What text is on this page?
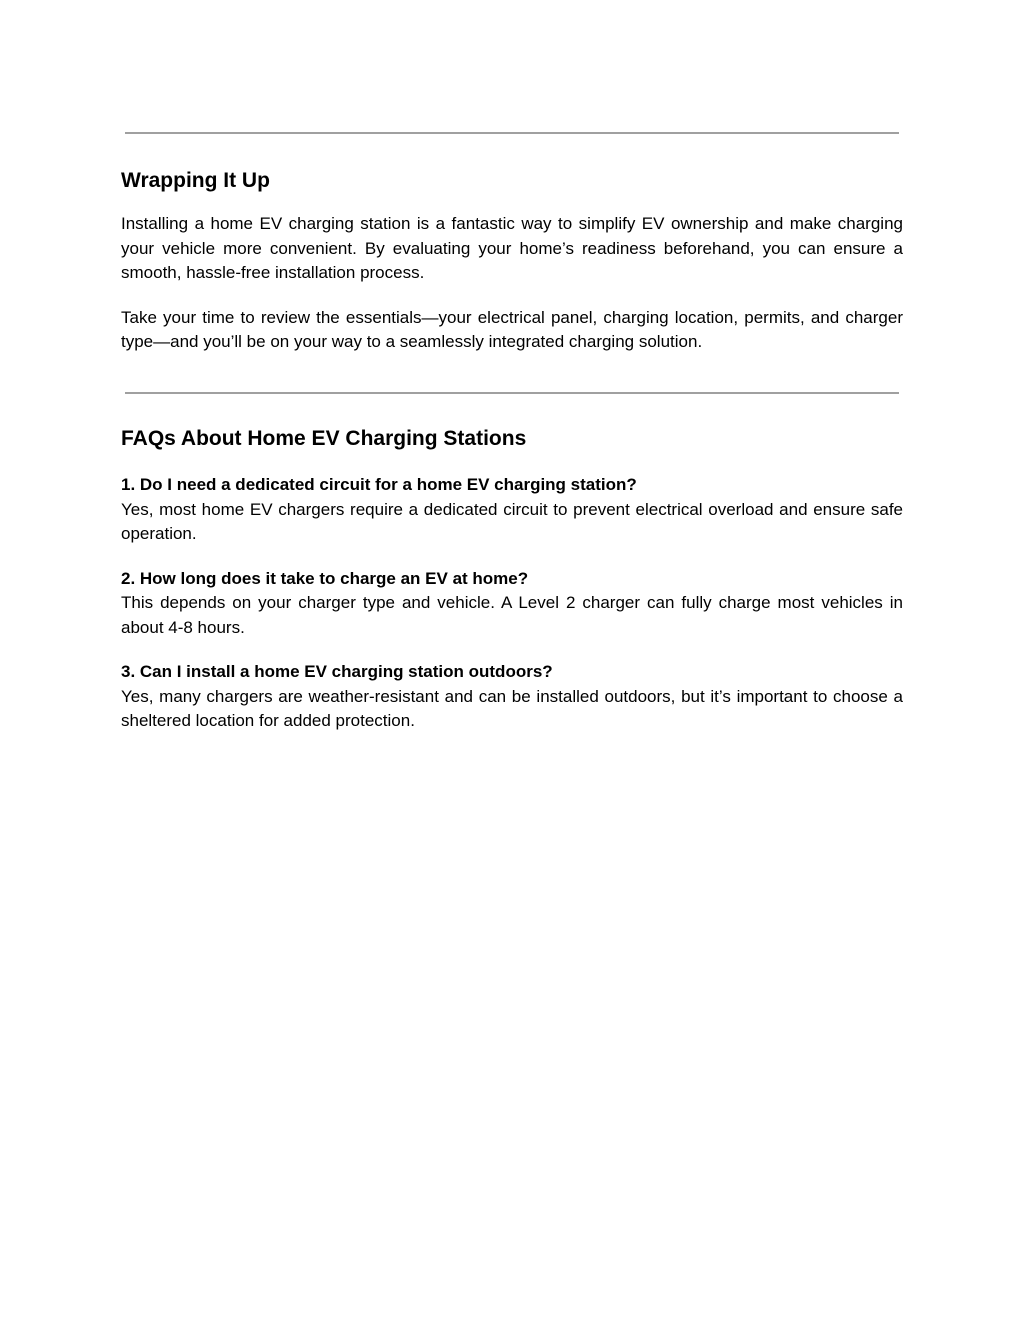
Wrapping It Up

Installing a home EV charging station is a fantastic way to simplify EV ownership and make charging your vehicle more convenient. By evaluating your home’s readiness beforehand, you can ensure a smooth, hassle-free installation process.

Take your time to review the essentials—your electrical panel, charging location, permits, and charger type—and you’ll be on your way to a seamlessly integrated charging solution.

FAQs About Home EV Charging Stations

1. Do I need a dedicated circuit for a home EV charging station?

Yes, most home EV chargers require a dedicated circuit to prevent electrical overload and ensure safe operation.

2. How long does it take to charge an EV at home?

This depends on your charger type and vehicle. A Level 2 charger can fully charge most vehicles in about 4-8 hours.

3. Can I install a home EV charging station outdoors?

Yes, many chargers are weather-resistant and can be installed outdoors, but it’s important to choose a sheltered location for added protection.
